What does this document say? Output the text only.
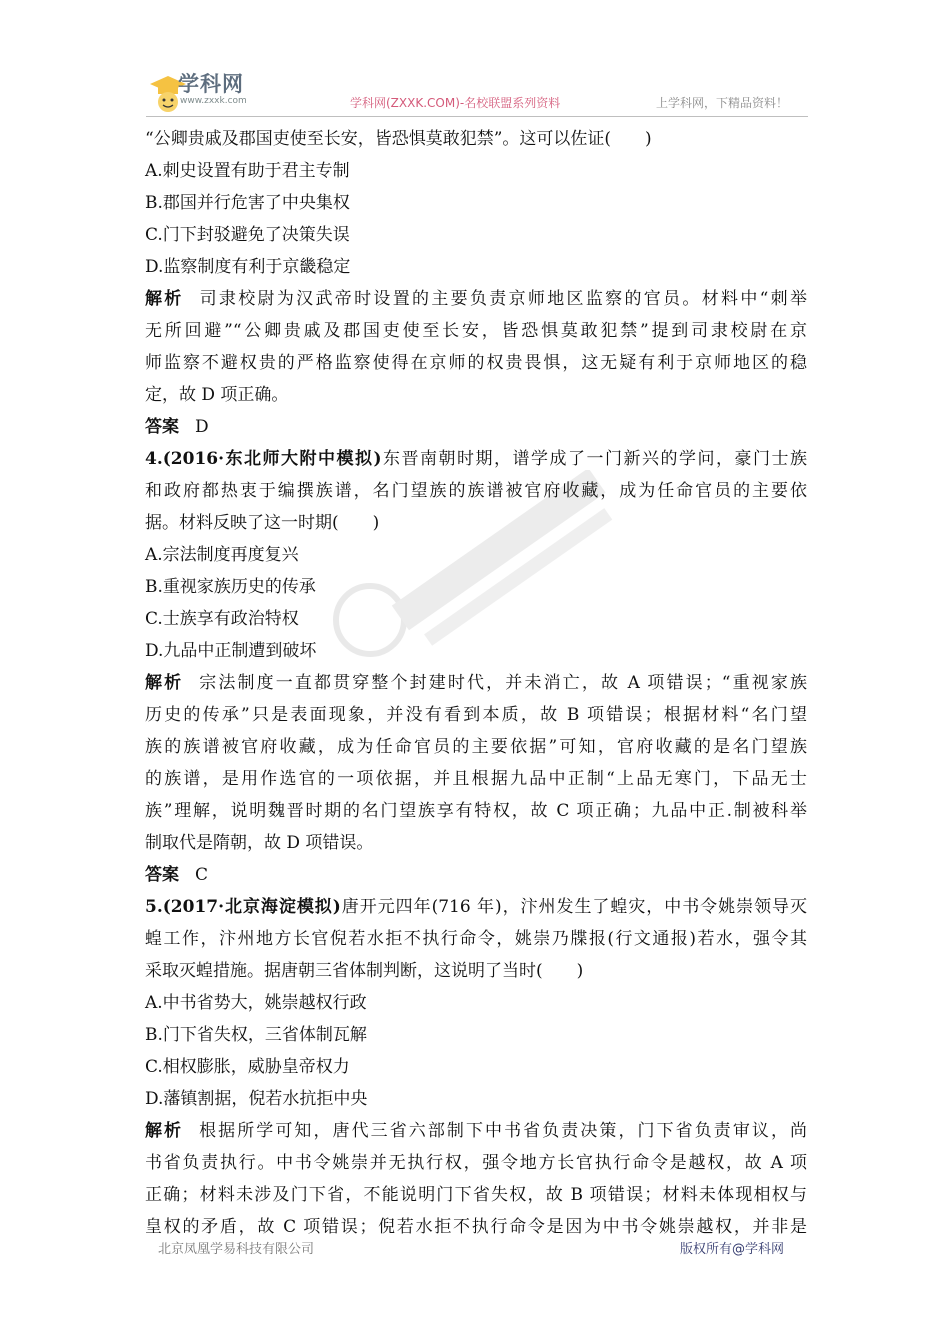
学科网
www.zxxk.com	学科网(ZXXK.COM)-名校联盟系列资料	上学科网，下精品资料！
“公卿贵戚及郡国吏使至长安，皆恐惧莫敢犯禁”。这可以佐证(　　)
A.刺史设置有助于君主专制
B.郡国并行危害了中央集权
C.门下封驳避免了决策失误
D.监察制度有利于京畿稳定
解析 司隶校尉为汉武帝时设置的主要负责京师地区监察的官员。材料中“刺举
无所回避”“公卿贵戚及郡国吏使至长安，皆恐惧莫敢犯禁”提到司隶校尉在京
师监察不避权贵的严格监察使得在京师的权贵畏惧，这无疑有利于京师地区的稳
定，故 D 项正确。
答案 D
4.(2016·东北师大附中模拟)东晋南朝时期，谱学成了一门新兴的学问，豪门士族
和政府都热衷于编撰族谱，名门望族的族谱被官府收藏，成为任命官员的主要依
据。材料反映了这一时期(　　)
A.宗法制度再度复兴
B.重视家族历史的传承
C.士族享有政治特权
D.九品中正制遭到破坏
解析 宗法制度一直都贯穿整个封建时代，并未消亡，故 A 项错误；“重视家族
历史的传承”只是表面现象，并没有看到本质，故 B 项错误；根据材料“名门望
族的族谱被官府收藏，成为任命官员的主要依据”可知，官府收藏的是名门望族
的族谱，是用作选官的一项依据，并且根据九品中正制“上品无寒门，下品无士
族”理解，说明魏晋时期的名门望族享有特权，故 C 项正确；九品中正.制被科举
制取代是隋朝，故 D 项错误。
答案 C
5.(2017·北京海淀模拟)唐开元四年(716 年)，汴州发生了蝗灾，中书令姚崇领导灭
蝗工作，汴州地方长官倪若水拒不执行命令，姚崇乃牒报(行文通报)若水，强令其
采取灭蝗措施。据唐朝三省体制判断，这说明了当时(　　)
A.中书省势大，姚崇越权行政
B.门下省失权，三省体制瓦解
C.相权膨胀，威胁皇帝权力
D.藩镇割据，倪若水抗拒中央
解析 根据所学可知，唐代三省六部制下中书省负责决策，门下省负责审议，尚
书省负责执行。中书令姚崇并无执行权，强令地方长官执行命令是越权，故 A 项
正确；材料未涉及门下省，不能说明门下省失权，故 B 项错误；材料未体现相权与
皇权的矛盾，故 C 项错误；倪若水拒不执行命令是因为中书令姚崇越权，并非是
北京凤凰学易科技有限公司	版权所有@学科网
